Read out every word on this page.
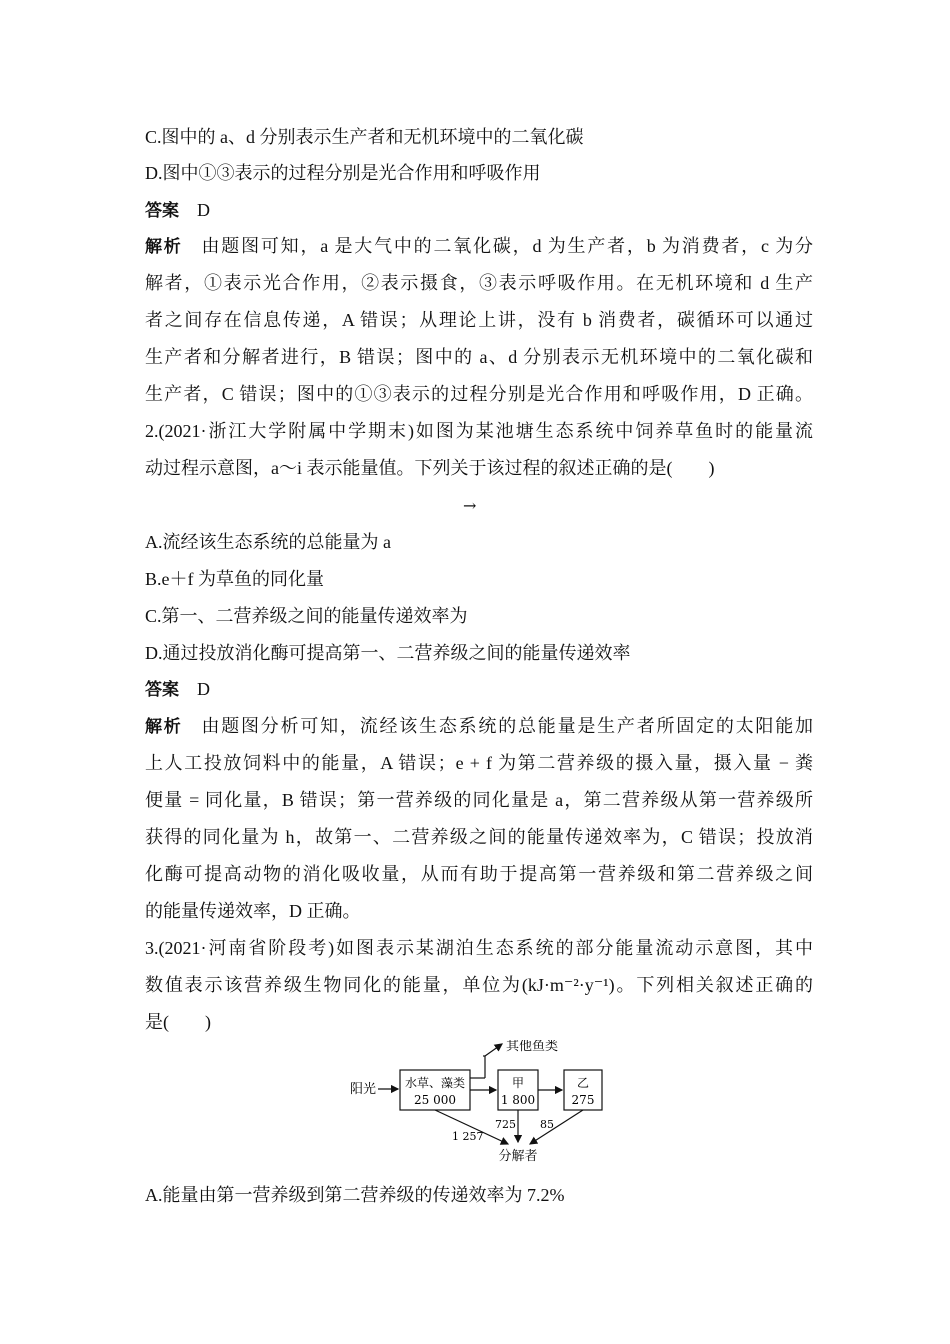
C.图中的 a、d 分别表示生产者和无机环境中的二氧化碳
D.图中①③表示的过程分别是光合作用和呼吸作用
答案 D
解析 由题图可知，a 是大气中的二氧化碳，d 为生产者，b 为消费者，c 为分
解者，①表示光合作用，②表示摄食，③表示呼吸作用。在无机环境和 d 生产
者之间存在信息传递，A 错误；从理论上讲，没有 b 消费者，碳循环可以通过
生产者和分解者进行，B 错误；图中的 a、d 分别表示无机环境中的二氧化碳和
生产者，C 错误；图中的①③表示的过程分别是光合作用和呼吸作用，D 正确。
2.(2021·浙江大学附属中学期末)如图为某池塘生态系统中饲养草鱼时的能量流
动过程示意图，a～i 表示能量值。下列关于该过程的叙述正确的是(　　)
→
A.流经该生态系统的总能量为 a
B.e＋f 为草鱼的同化量
C.第一、二营养级之间的能量传递效率为
D.通过投放消化酶可提高第一、二营养级之间的能量传递效率
答案 D
解析 由题图分析可知，流经该生态系统的总能量是生产者所固定的太阳能加
上人工投放饲料中的能量，A 错误；e + f 为第二营养级的摄入量，摄入量 − 粪
便量 = 同化量，B 错误；第一营养级的同化量是 a，第二营养级从第一营养级所
获得的同化量为 h，故第一、二营养级之间的能量传递效率为，C 错误；投放消
化酶可提高动物的消化吸收量，从而有助于提高第一营养级和第二营养级之间
的能量传递效率，D 正确。
3.(2021·河南省阶段考)如图表示某湖泊生态系统的部分能量流动示意图，其中
数值表示该营养级生物同化的能量，单位为(kJ·m⁻²·y⁻¹)。下列相关叙述正确的
是(　　)
阳光 水草、藻类
25 000
其他鱼类
甲
1 800
乙
275
1 257
725 85
分解者
A.能量由第一营养级到第二营养级的传递效率为 7.2%
